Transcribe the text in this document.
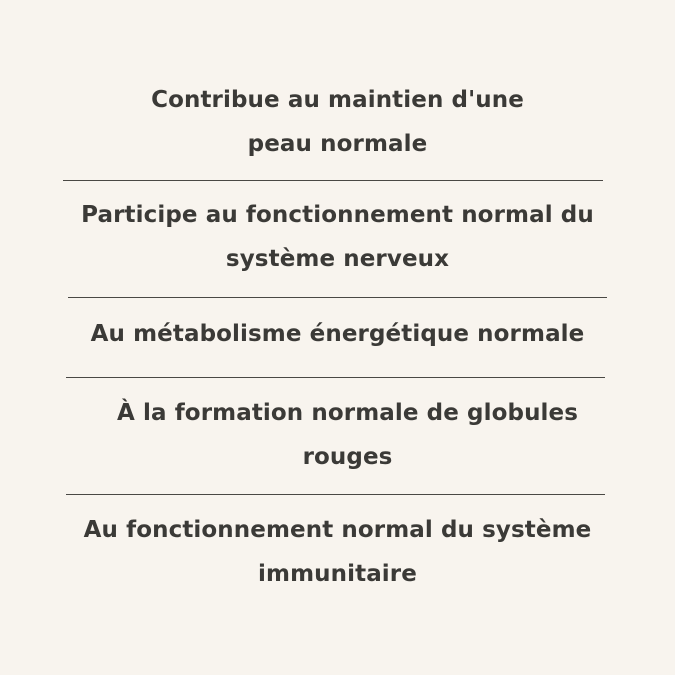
Contribue au maintien d'une
peau normale
Participe au fonctionnement normal du
système nerveux
Au métabolisme énergétique normale
À la formation normale de globules
rouges
Au fonctionnement normal du système
immunitaire
